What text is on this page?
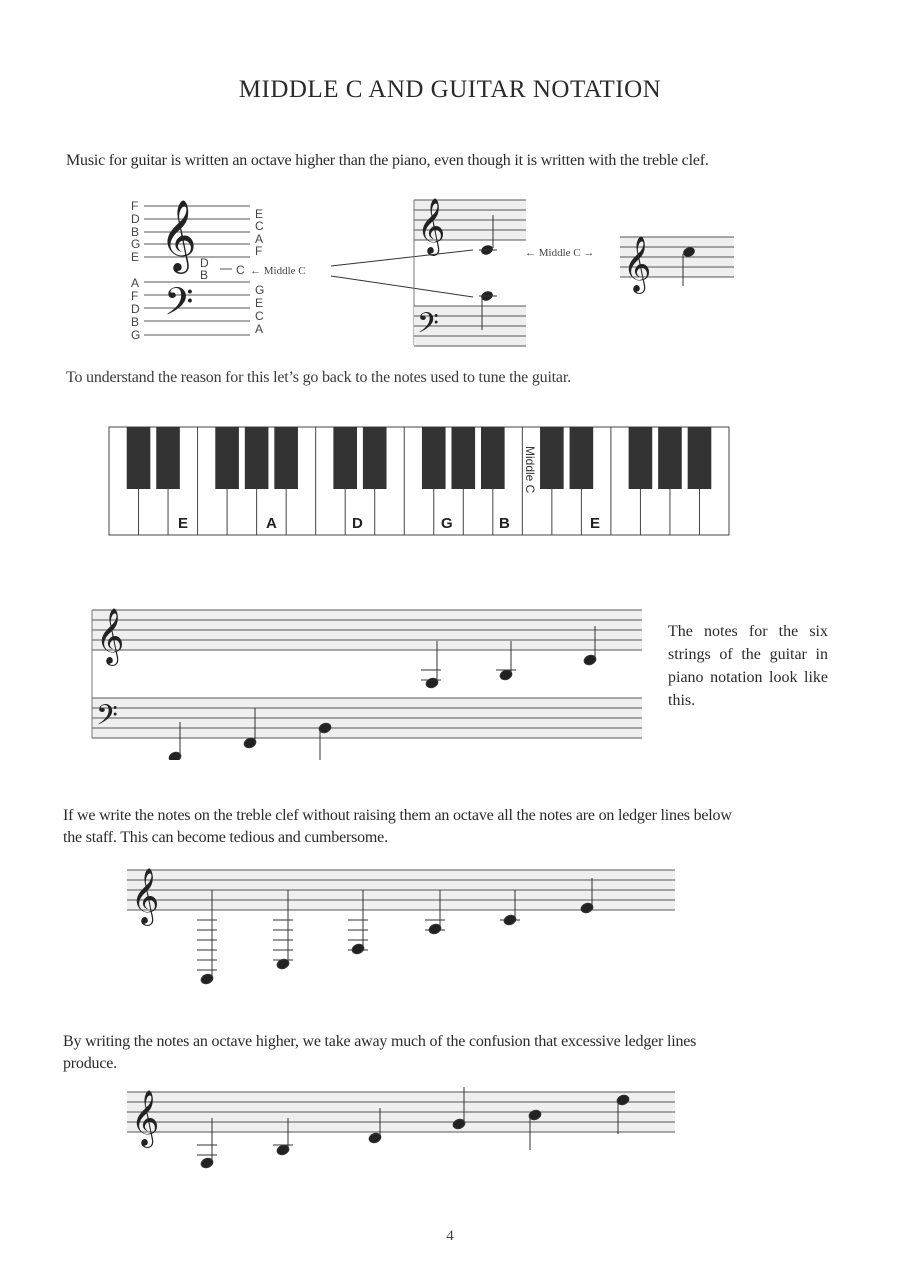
MIDDLE C AND GUITAR NOTATION
Music for guitar is written an octave higher than the piano, even though it is written with the treble clef.
𝄞
𝄢
F
D
B
G
E
E
C
A
F
D
B C
A
F
D
B
G
G
E
C
A
← Middle C
𝄞
𝄢
← Middle C → 𝄞
To understand the reason for this let’s go back to the notes used to tune the guitar.
E	A	D	G	B	E
Middle C
𝄞
𝄢
The notes for the six strings of the guitar in piano notation look like this.
If we write the notes on the treble clef without raising them an octave all the notes are on ledger lines below
the staff. This can become tedious and cumbersome.
𝄞
By writing the notes an octave higher, we take away much of the confusion that excessive ledger lines
produce.
𝄞
4
